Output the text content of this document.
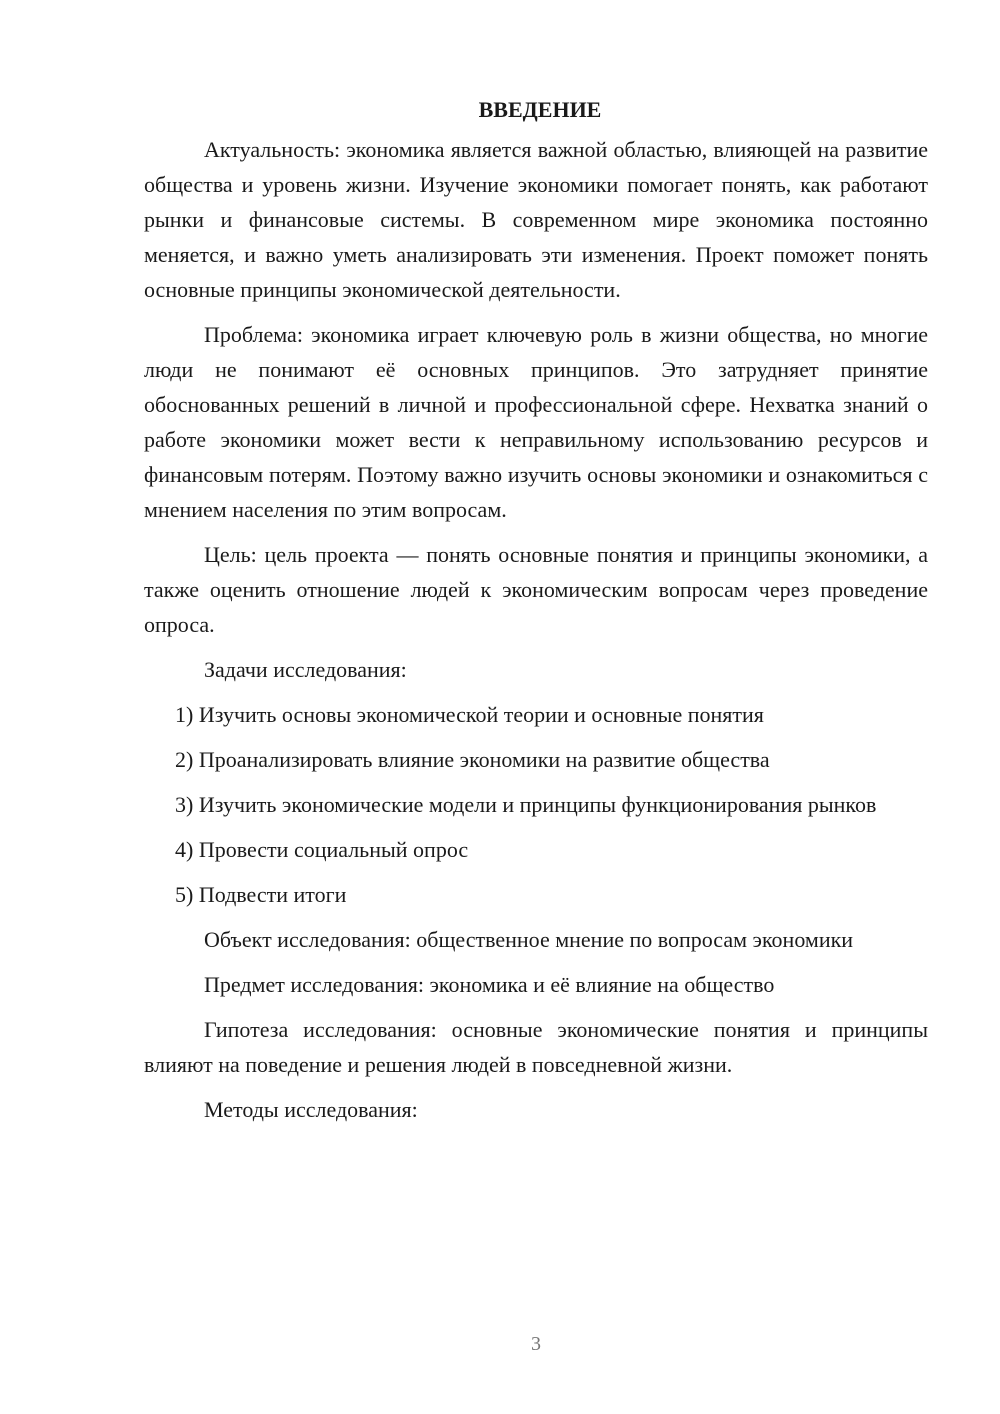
ВВЕДЕНИЕ

Актуальность: экономика является важной областью, влияющей на развитие общества и уровень жизни. Изучение экономики помогает понять, как работают рынки и финансовые системы. В современном мире экономика постоянно меняется, и важно уметь анализировать эти изменения. Проект поможет понять основные принципы экономической деятельности.

Проблема: экономика играет ключевую роль в жизни общества, но многие люди не понимают её основных принципов. Это затрудняет принятие обоснованных решений в личной и профессиональной сфере. Нехватка знаний о работе экономики может вести к неправильному использованию ресурсов и финансовым потерям. Поэтому важно изучить основы экономики и ознакомиться с мнением населения по этим вопросам.

Цель: цель проекта — понять основные понятия и принципы экономики, а также оценить отношение людей к экономическим вопросам через проведение опроса.

Задачи исследования:

1) Изучить основы экономической теории и основные понятия

2) Проанализировать влияние экономики на развитие общества

3) Изучить экономические модели и принципы функционирования рынков

4) Провести социальный опрос

5) Подвести итоги

Объект исследования: общественное мнение по вопросам экономики

Предмет исследования: экономика и её влияние на общество

Гипотеза исследования: основные экономические понятия и принципы влияют на поведение и решения людей в повседневной жизни.

Методы исследования:

3
